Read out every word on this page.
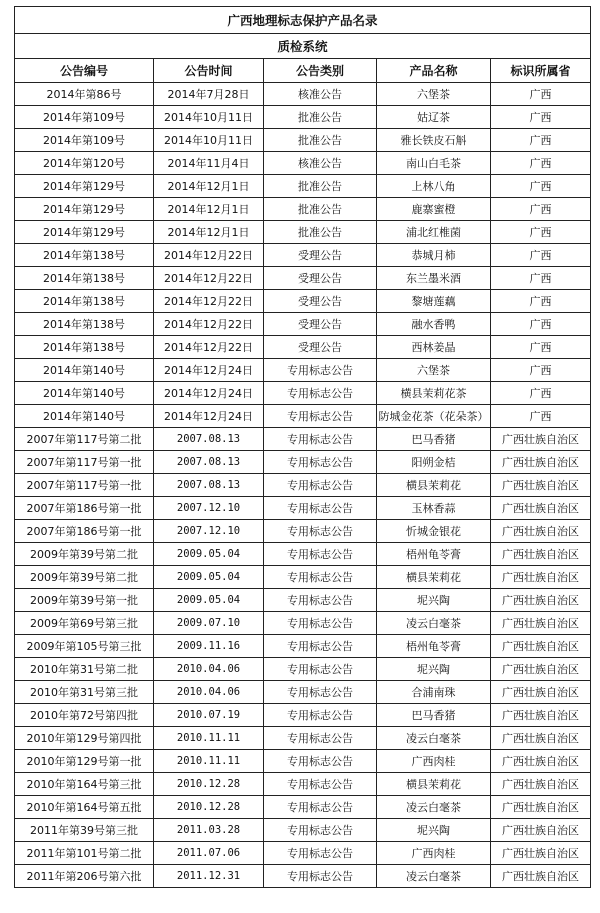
广西地理标志保护产品名录				
质检系统				
公告编号	公告时间	公告类别	产品名称	标识所属省
2014年第86号	2014年7月28日	核准公告	六堡茶	广西
2014年第109号	2014年10月11日	批准公告	姑辽茶	广西
2014年第109号	2014年10月11日	批准公告	雅长铁皮石斛	广西
2014年第120号	2014年11月4日	核准公告	南山白毛茶	广西
2014年第129号	2014年12月1日	批准公告	上林八角	广西
2014年第129号	2014年12月1日	批准公告	鹿寨蜜橙	广西
2014年第129号	2014年12月1日	批准公告	浦北红椎菌	广西
2014年第138号	2014年12月22日	受理公告	恭城月柿	广西
2014年第138号	2014年12月22日	受理公告	东兰墨米酒	广西
2014年第138号	2014年12月22日	受理公告	黎塘莲藕	广西
2014年第138号	2014年12月22日	受理公告	融水香鸭	广西
2014年第138号	2014年12月22日	受理公告	西林姜晶	广西
2014年第140号	2014年12月24日	专用标志公告	六堡茶	广西
2014年第140号	2014年12月24日	专用标志公告	横县茉莉花茶	广西
2014年第140号	2014年12月24日	专用标志公告	防城金花茶（花朵茶）	广西
2007年第117号第二批	2007.08.13	专用标志公告	巴马香猪	广西壮族自治区
2007年第117号第一批	2007.08.13	专用标志公告	阳朔金桔	广西壮族自治区
2007年第117号第一批	2007.08.13	专用标志公告	横县茉莉花	广西壮族自治区
2007年第186号第一批	2007.12.10	专用标志公告	玉林香蒜	广西壮族自治区
2007年第186号第一批	2007.12.10	专用标志公告	忻城金银花	广西壮族自治区
2009年第39号第二批	2009.05.04	专用标志公告	梧州龟苓膏	广西壮族自治区
2009年第39号第二批	2009.05.04	专用标志公告	横县茉莉花	广西壮族自治区
2009年第39号第一批	2009.05.04	专用标志公告	坭兴陶	广西壮族自治区
2009年第69号第三批	2009.07.10	专用标志公告	凌云白毫茶	广西壮族自治区
2009年第105号第三批	2009.11.16	专用标志公告	梧州龟苓膏	广西壮族自治区
2010年第31号第二批	2010.04.06	专用标志公告	坭兴陶	广西壮族自治区
2010年第31号第三批	2010.04.06	专用标志公告	合浦南珠	广西壮族自治区
2010年第72号第四批	2010.07.19	专用标志公告	巴马香猪	广西壮族自治区
2010年第129号第四批	2010.11.11	专用标志公告	凌云白毫茶	广西壮族自治区
2010年第129号第一批	2010.11.11	专用标志公告	广西肉桂	广西壮族自治区
2010年第164号第三批	2010.12.28	专用标志公告	横县茉莉花	广西壮族自治区
2010年第164号第五批	2010.12.28	专用标志公告	凌云白毫茶	广西壮族自治区
2011年第39号第三批	2011.03.28	专用标志公告	坭兴陶	广西壮族自治区
2011年第101号第二批	2011.07.06	专用标志公告	广西肉桂	广西壮族自治区
2011年第206号第六批	2011.12.31	专用标志公告	凌云白毫茶	广西壮族自治区
